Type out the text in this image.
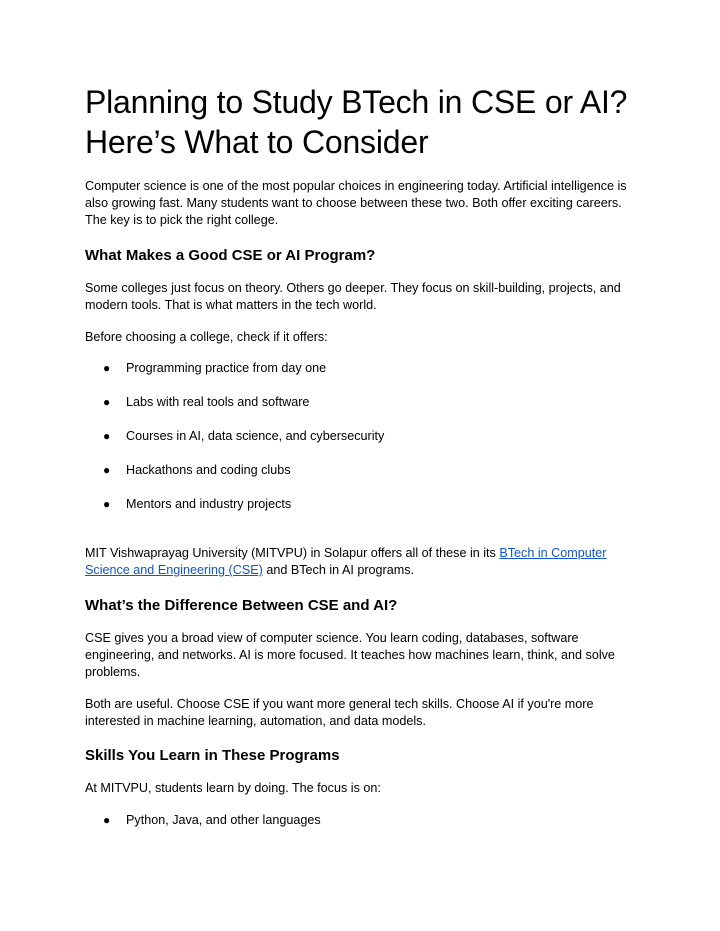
Planning to Study BTech in CSE or AI? Here’s What to Consider

Computer science is one of the most popular choices in engineering today. Artificial intelligence is also growing fast. Many students want to choose between these two. Both offer exciting careers. The key is to pick the right college.

What Makes a Good CSE or AI Program?

Some colleges just focus on theory. Others go deeper. They focus on skill-building, projects, and modern tools. That is what matters in the tech world.

Before choosing a college, check if it offers:

● Programming practice from day one
● Labs with real tools and software
● Courses in AI, data science, and cybersecurity
● Hackathons and coding clubs
● Mentors and industry projects

MIT Vishwaprayag University (MITVPU) in Solapur offers all of these in its BTech in Computer Science and Engineering (CSE) and BTech in AI programs.

What’s the Difference Between CSE and AI?

CSE gives you a broad view of computer science. You learn coding, databases, software engineering, and networks. AI is more focused. It teaches how machines learn, think, and solve problems.

Both are useful. Choose CSE if you want more general tech skills. Choose AI if you're more interested in machine learning, automation, and data models.

Skills You Learn in These Programs

At MITVPU, students learn by doing. The focus is on:

● Python, Java, and other languages
